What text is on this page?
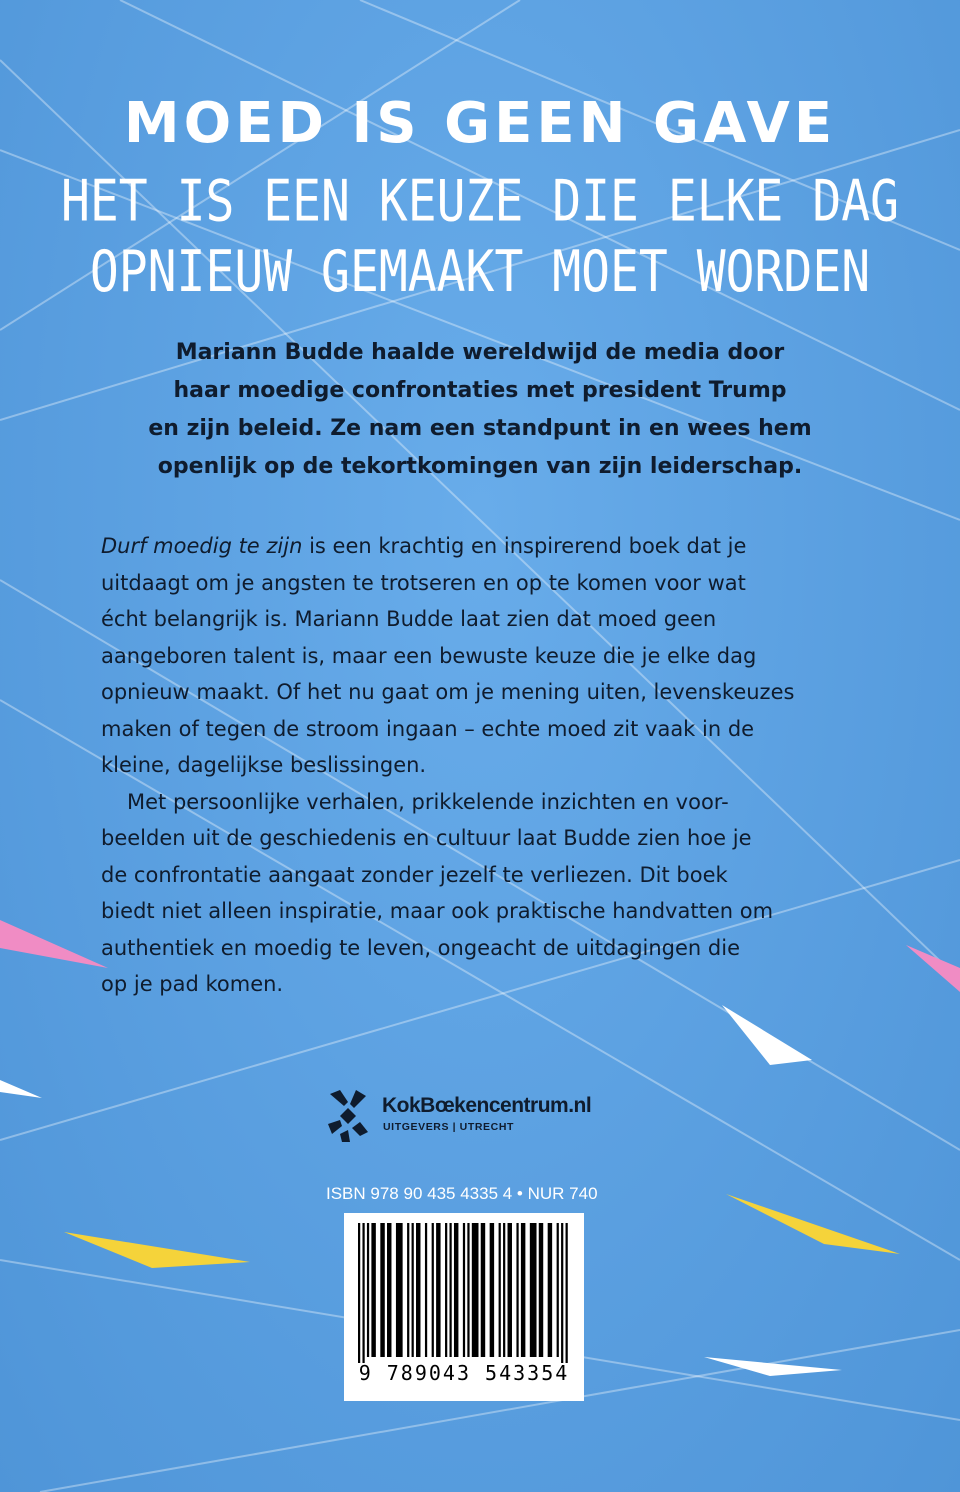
MOED IS GEEN GAVE
HET IS EEN KEUZE DIE ELKE DAG
OPNIEUW GEMAAKT MOET WORDEN
Mariann Budde haalde wereldwijd de media door
haar moedige confrontaties met president Trump
en zijn beleid. Ze nam een standpunt in en wees hem
openlijk op de tekortkomingen van zijn leiderschap.
Durf moedig te zijn is een krachtig en inspirerend boek dat je
uitdaagt om je angsten te trotseren en op te komen voor wat
écht belangrijk is. Mariann Budde laat zien dat moed geen
aangeboren talent is, maar een bewuste keuze die je elke dag
opnieuw maakt. Of het nu gaat om je mening uiten, levenskeuzes
maken of tegen de stroom ingaan – echte moed zit vaak in de
kleine, dagelijkse beslissingen.
Met persoonlijke verhalen, prikkelende inzichten en voor-
beelden uit de geschiedenis en cultuur laat Budde zien hoe je
de confrontatie aangaat zonder jezelf te verliezen. Dit boek
biedt niet alleen inspiratie, maar ook praktische handvatten om
authentiek en moedig te leven, ongeacht de uitdagingen die
op je pad komen.
KokBœkencentrum.nl
UITGEVERS | UTRECHT
ISBN 978 90 435 4335 4 • NUR 740
9 789043 543354
